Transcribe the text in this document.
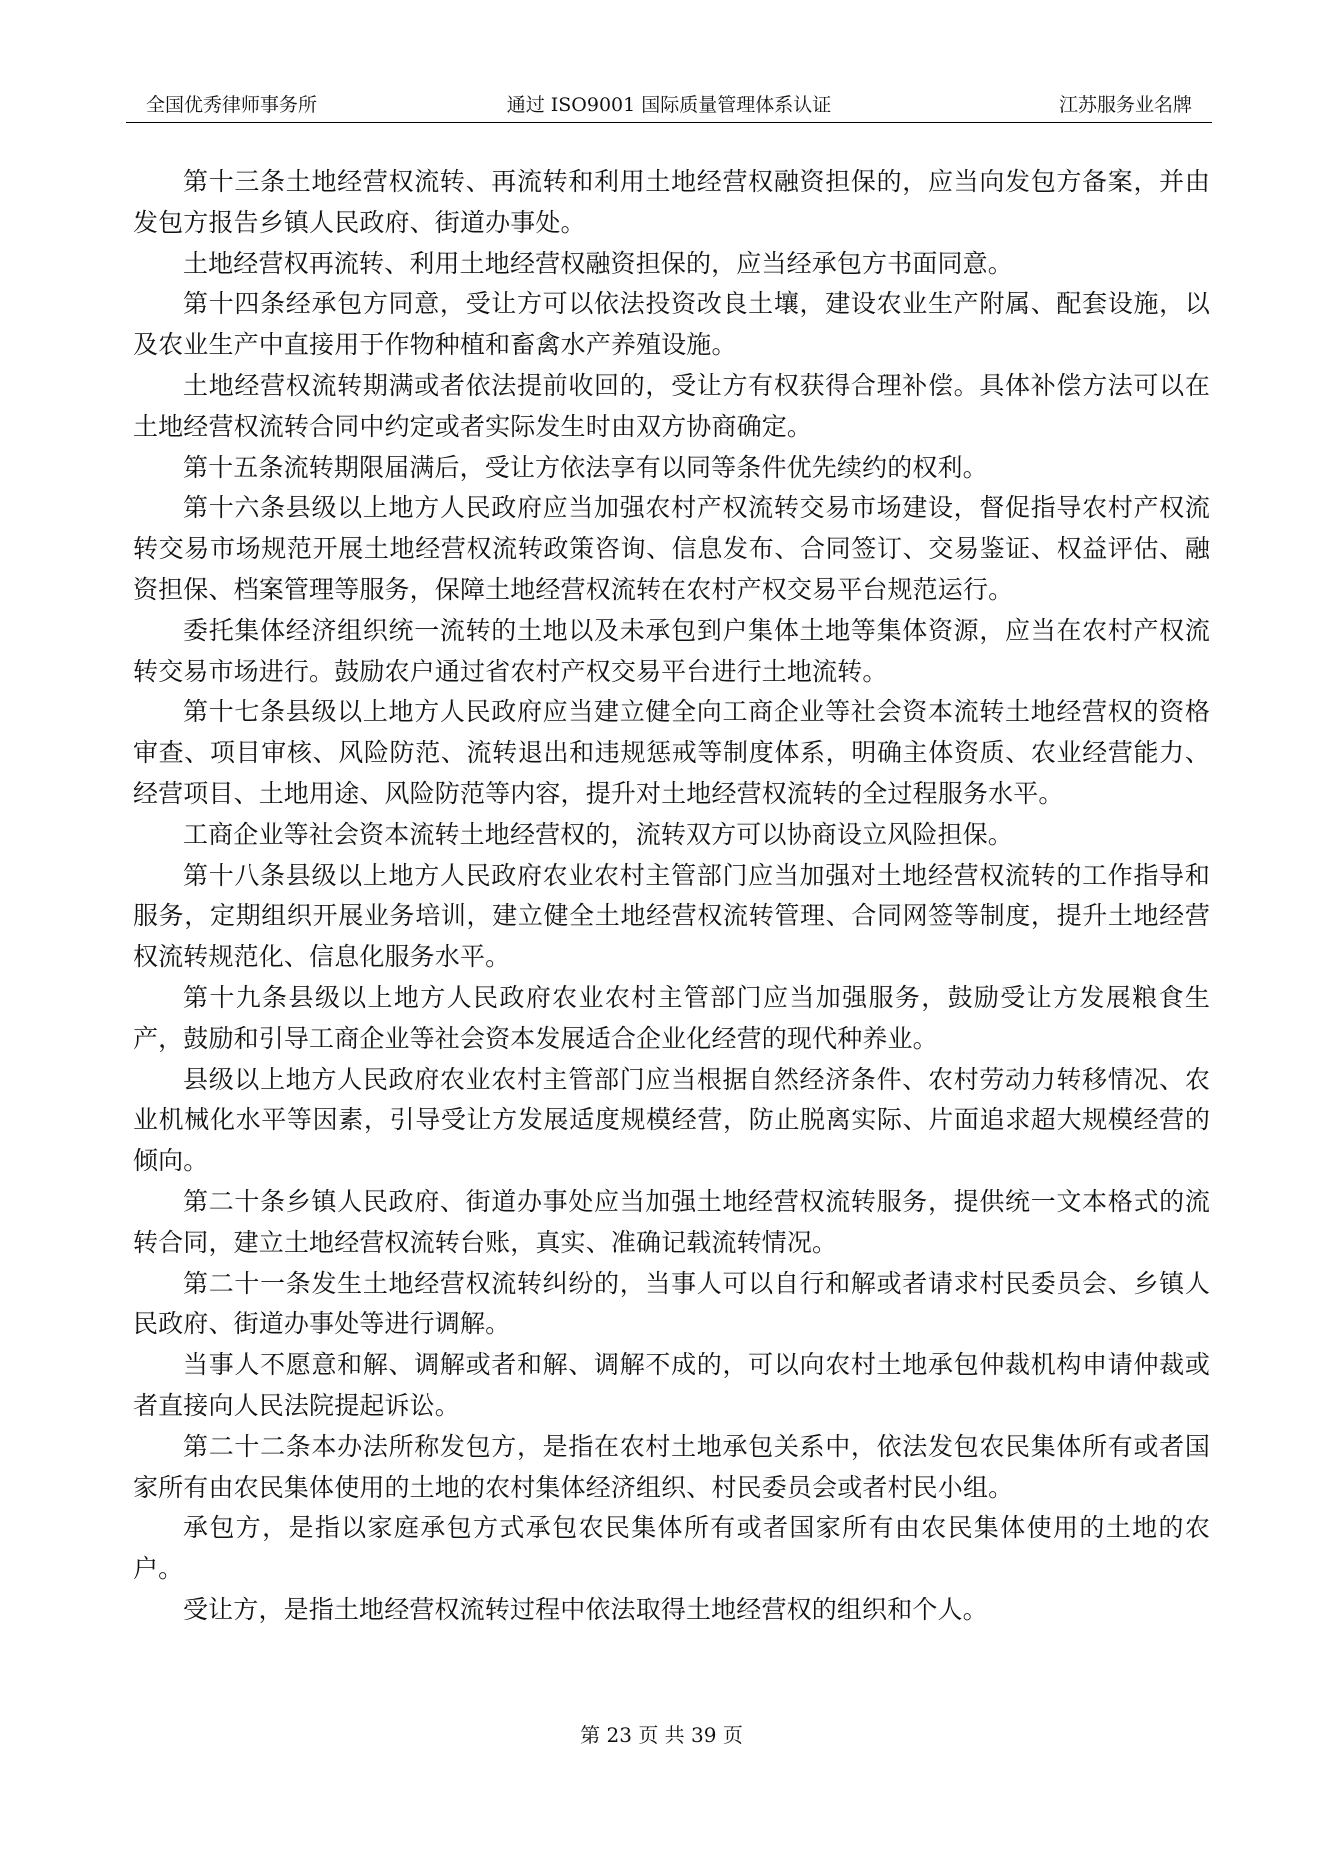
全国优秀律师事务所	通过 ISO9001 国际质量管理体系认证	江苏服务业名牌

第十三条土地经营权流转、再流转和利用土地经营权融资担保的，应当向发包方备案，并由发包方报告乡镇人民政府、街道办事处。

土地经营权再流转、利用土地经营权融资担保的，应当经承包方书面同意。

第十四条经承包方同意，受让方可以依法投资改良土壤，建设农业生产附属、配套设施，以及农业生产中直接用于作物种植和畜禽水产养殖设施。

土地经营权流转期满或者依法提前收回的，受让方有权获得合理补偿。具体补偿方法可以在土地经营权流转合同中约定或者实际发生时由双方协商确定。

第十五条流转期限届满后，受让方依法享有以同等条件优先续约的权利。

第十六条县级以上地方人民政府应当加强农村产权流转交易市场建设，督促指导农村产权流转交易市场规范开展土地经营权流转政策咨询、信息发布、合同签订、交易鉴证、权益评估、融资担保、档案管理等服务，保障土地经营权流转在农村产权交易平台规范运行。

委托集体经济组织统一流转的土地以及未承包到户集体土地等集体资源，应当在农村产权流转交易市场进行。鼓励农户通过省农村产权交易平台进行土地流转。

第十七条县级以上地方人民政府应当建立健全向工商企业等社会资本流转土地经营权的资格审查、项目审核、风险防范、流转退出和违规惩戒等制度体系，明确主体资质、农业经营能力、经营项目、土地用途、风险防范等内容，提升对土地经营权流转的全过程服务水平。

工商企业等社会资本流转土地经营权的，流转双方可以协商设立风险担保。

第十八条县级以上地方人民政府农业农村主管部门应当加强对土地经营权流转的工作指导和服务，定期组织开展业务培训，建立健全土地经营权流转管理、合同网签等制度，提升土地经营权流转规范化、信息化服务水平。

第十九条县级以上地方人民政府农业农村主管部门应当加强服务，鼓励受让方发展粮食生产，鼓励和引导工商企业等社会资本发展适合企业化经营的现代种养业。

县级以上地方人民政府农业农村主管部门应当根据自然经济条件、农村劳动力转移情况、农业机械化水平等因素，引导受让方发展适度规模经营，防止脱离实际、片面追求超大规模经营的倾向。

第二十条乡镇人民政府、街道办事处应当加强土地经营权流转服务，提供统一文本格式的流转合同，建立土地经营权流转台账，真实、准确记载流转情况。

第二十一条发生土地经营权流转纠纷的，当事人可以自行和解或者请求村民委员会、乡镇人民政府、街道办事处等进行调解。

当事人不愿意和解、调解或者和解、调解不成的，可以向农村土地承包仲裁机构申请仲裁或者直接向人民法院提起诉讼。

第二十二条本办法所称发包方，是指在农村土地承包关系中，依法发包农民集体所有或者国家所有由农民集体使用的土地的农村集体经济组织、村民委员会或者村民小组。

承包方，是指以家庭承包方式承包农民集体所有或者国家所有由农民集体使用的土地的农户。

受让方，是指土地经营权流转过程中依法取得土地经营权的组织和个人。

第 23 页 共 39 页
